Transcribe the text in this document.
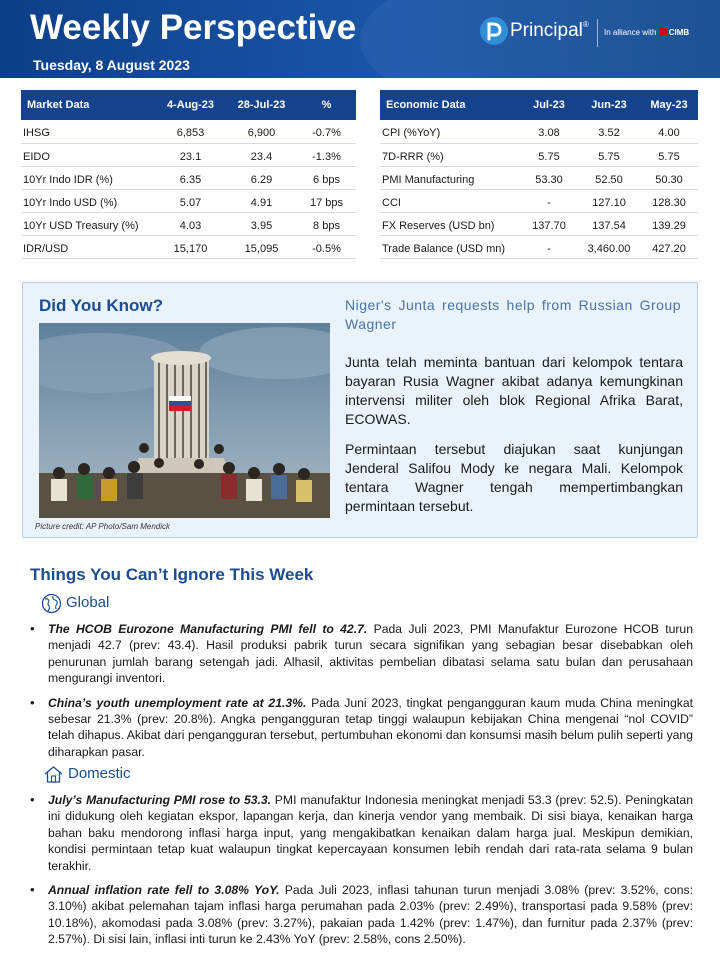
Weekly Perspective
Tuesday, 8 August 2023
Principal®
In alliance with CIMB
Market Data	4-Aug-23	28-Jul-23	%
IHSG	6,853	6,900	-0.7%
EIDO	23.1	23.4	-1.3%
10Yr Indo IDR (%)	6.35	6.29	6 bps
10Yr Indo USD (%)	5.07	4.91	17 bps
10Yr USD Treasury (%)	4.03	3.95	8 bps
IDR/USD	15,170	15,095	-0.5%
Economic Data	Jul-23	Jun-23	May-23
CPI (%YoY)	3.08	3.52	4.00
7D-RRR (%)	5.75	5.75	5.75
PMI Manufacturing	53.30	52.50	50.30
CCI	-	127.10	128.30
FX Reserves (USD bn)	137.70	137.54	139.29
Trade Balance (USD mn)	-	3,460.00	427.20
Did You Know?
Picture credit: AP Photo/Sam Mendick
Niger's Junta requests help from Russian Group Wagner
Junta telah meminta bantuan dari kelompok tentara bayaran Rusia Wagner akibat adanya kemungkinan intervensi militer oleh blok Regional Afrika Barat, ECOWAS.
Permintaan tersebut diajukan saat kunjungan Jenderal Salifou Mody ke negara Mali. Kelompok tentara Wagner tengah mempertimbangkan permintaan tersebut.
Things You Can’t Ignore This Week
Global
• The HCOB Eurozone Manufacturing PMI fell to 42.7. Pada Juli 2023, PMI Manufaktur Eurozone HCOB turun menjadi 42.7 (prev: 43.4). Hasil produksi pabrik turun secara signifikan yang sebagian besar disebabkan oleh penurunan jumlah barang setengah jadi. Alhasil, aktivitas pembelian dibatasi selama satu bulan dan perusahaan mengurangi inventori.
• China’s youth unemployment rate at 21.3%. Pada Juni 2023, tingkat pengangguran kaum muda China meningkat sebesar 21.3% (prev: 20.8%). Angka pengangguran tetap tinggi walaupun kebijakan China mengenai “nol COVID” telah dihapus. Akibat dari pengangguran tersebut, pertumbuhan ekonomi dan konsumsi masih belum pulih seperti yang diharapkan pasar.
Domestic
• July’s Manufacturing PMI rose to 53.3. PMI manufaktur Indonesia meningkat menjadi 53.3 (prev: 52.5). Peningkatan ini didukung oleh kegiatan ekspor, lapangan kerja, dan kinerja vendor yang membaik. Di sisi biaya, kenaikan harga bahan baku mendorong inflasi harga input, yang mengakibatkan kenaikan dalam harga jual. Meskipun demikian, kondisi permintaan tetap kuat walaupun tingkat kepercayaan konsumen lebih rendah dari rata-rata selama 9 bulan terakhir.
• Annual inflation rate fell to 3.08% YoY. Pada Juli 2023, inflasi tahunan turun menjadi 3.08% (prev: 3.52%, cons: 3.10%) akibat pelemahan tajam inflasi harga perumahan pada 2.03% (prev: 2.49%), transportasi pada 9.58% (prev: 10.18%), akomodasi pada 3.08% (prev: 3.27%), pakaian pada 1.42% (prev: 1.47%), dan furnitur pada 2.37% (prev: 2.57%). Di sisi lain, inflasi inti turun ke 2.43% YoY (prev: 2.58%, cons 2.50%).
